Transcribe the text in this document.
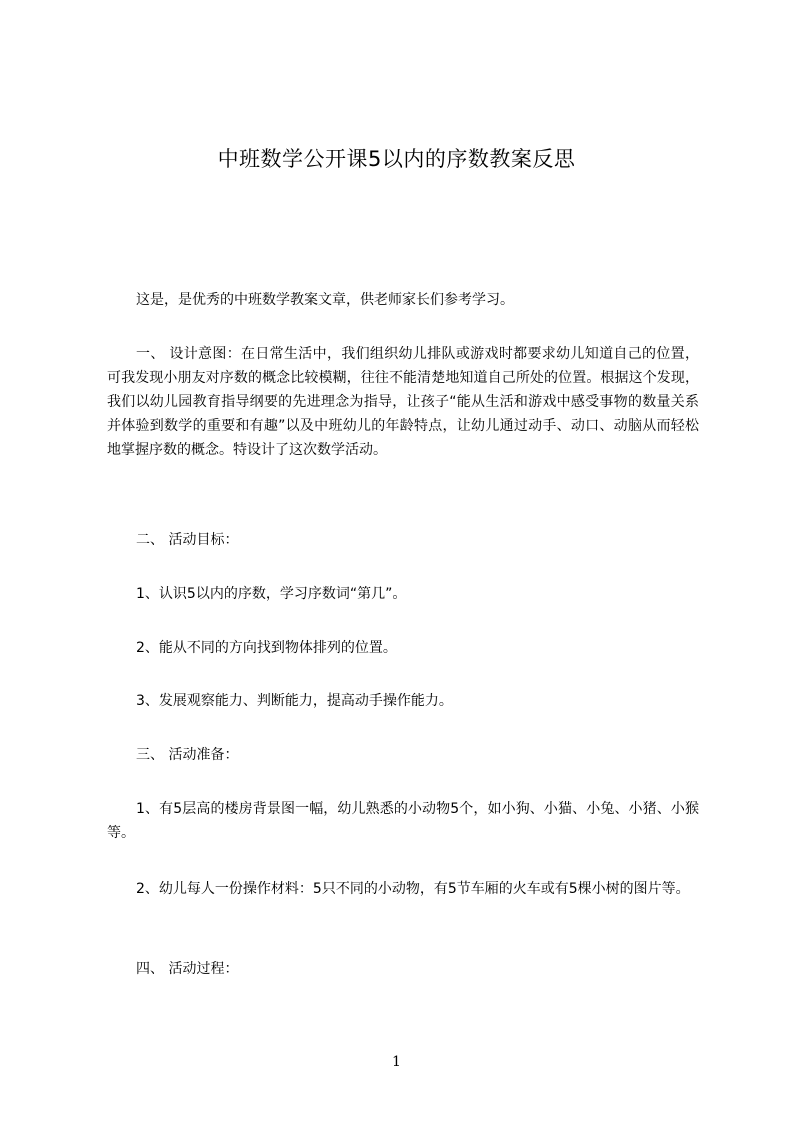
中班数学公开课5以内的序数教案反思
这是，是优秀的中班数学教案文章，供老师家长们参考学习。
一、 设计意图：在日常生活中，我们组织幼儿排队或游戏时都要求幼儿知道自己的位置，可我发现小朋友对序数的概念比较模糊，往往不能清楚地知道自己所处的位置。根据这个发现，我们以幼儿园教育指导纲要的先进理念为指导，让孩子“能从生活和游戏中感受事物的数量关系并体验到数学的重要和有趣”以及中班幼儿的年龄特点，让幼儿通过动手、动口、动脑从而轻松地掌握序数的概念。特设计了这次数学活动。
二、 活动目标：
1、认识5以内的序数，学习序数词“第几”。
2、能从不同的方向找到物体排列的位置。
3、发展观察能力、判断能力，提高动手操作能力。
三、 活动准备：
1、有5层高的楼房背景图一幅，幼儿熟悉的小动物5个，如小狗、小猫、小兔、小猪、小猴等。
2、幼儿每人一份操作材料：5只不同的小动物，有5节车厢的火车或有5棵小树的图片等。
四、 活动过程：
1
